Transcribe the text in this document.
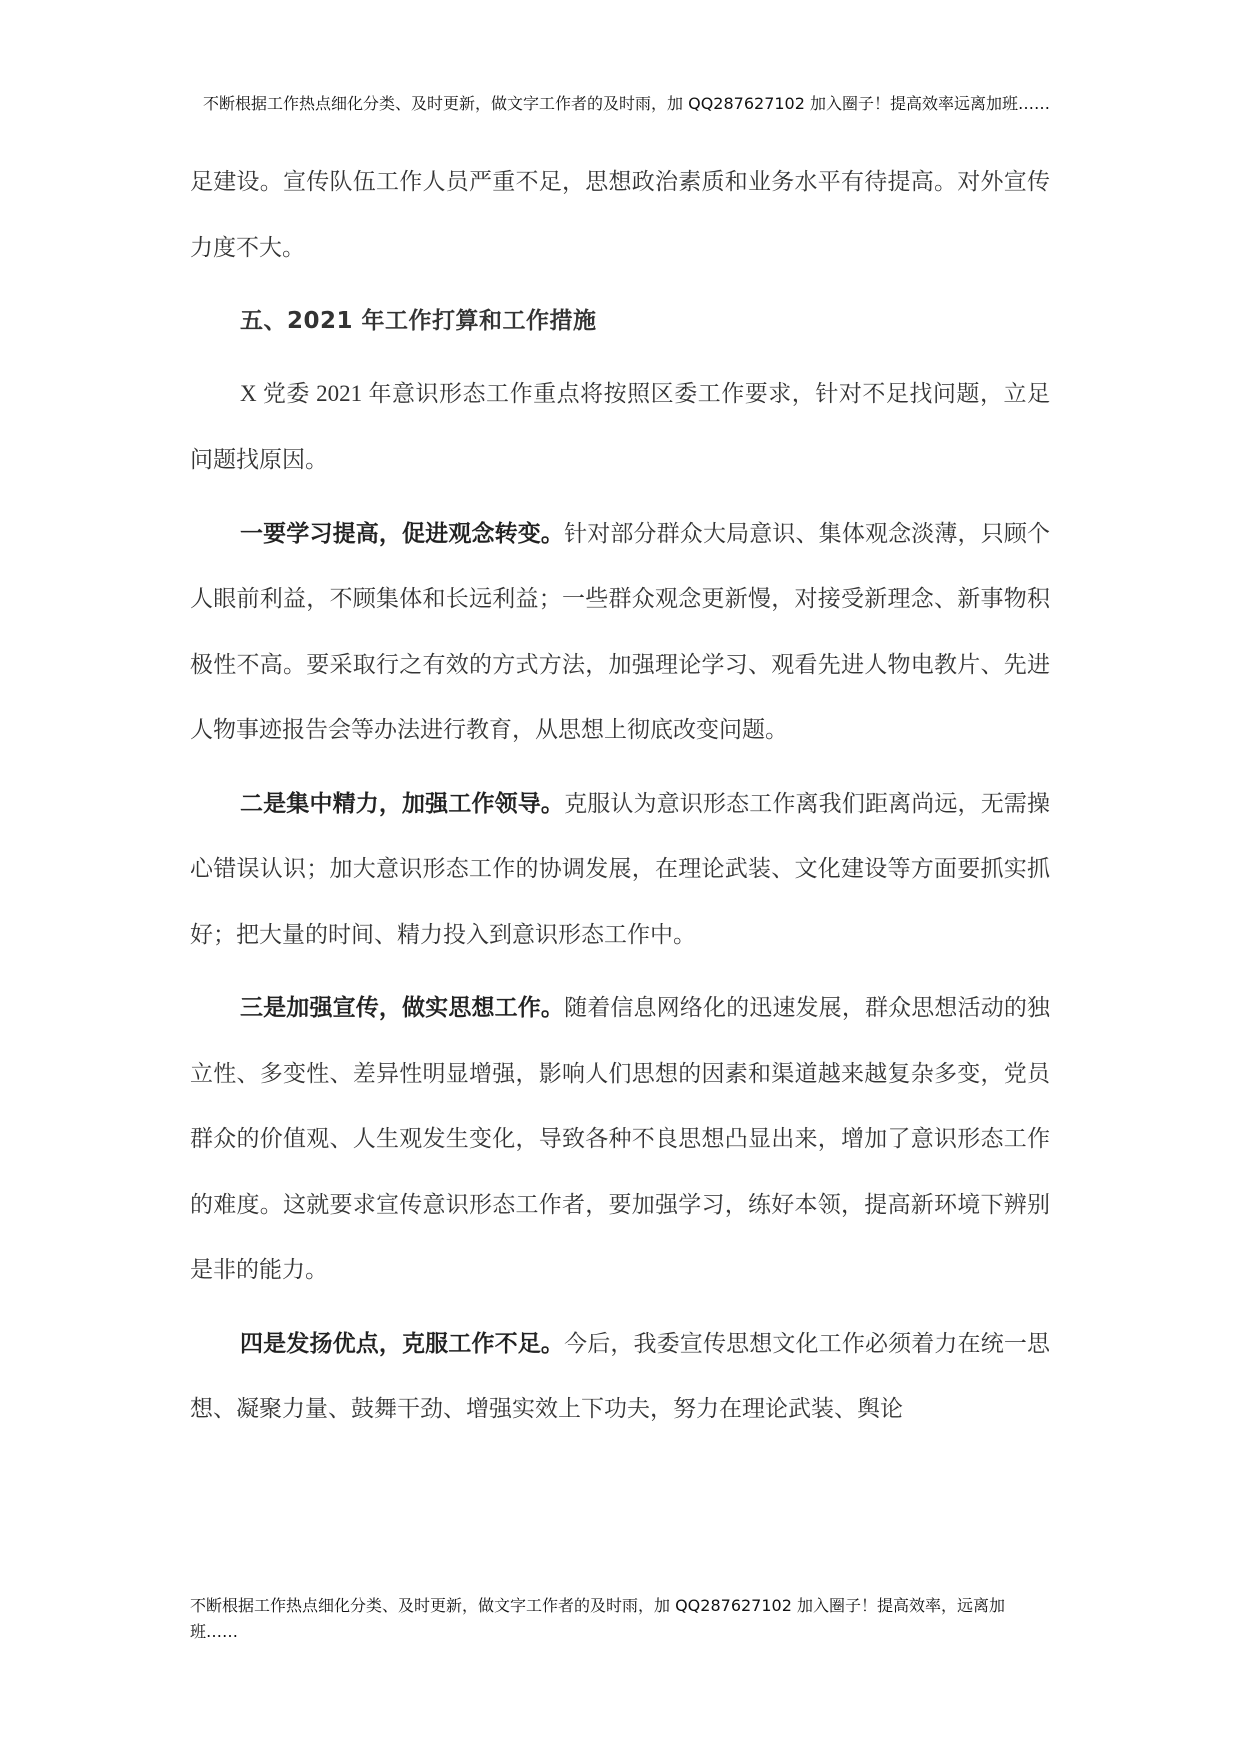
不断根据工作热点细化分类、及时更新，做文字工作者的及时雨，加 QQ287627102 加入圈子！提高效率远离加班……

足建设。宣传队伍工作人员严重不足，思想政治素质和业务水平有待提高。对外宣传力度不大。

五、2021 年工作打算和工作措施

X 党委 2021 年意识形态工作重点将按照区委工作要求，针对不足找问题，立足问题找原因。

一要学习提高，促进观念转变。针对部分群众大局意识、集体观念淡薄，只顾个人眼前利益，不顾集体和长远利益；一些群众观念更新慢，对接受新理念、新事物积极性不高。要采取行之有效的方式方法，加强理论学习、观看先进人物电教片、先进人物事迹报告会等办法进行教育，从思想上彻底改变问题。

二是集中精力，加强工作领导。克服认为意识形态工作离我们距离尚远，无需操心错误认识；加大意识形态工作的协调发展，在理论武装、文化建设等方面要抓实抓好；把大量的时间、精力投入到意识形态工作中。

三是加强宣传，做实思想工作。随着信息网络化的迅速发展，群众思想活动的独立性、多变性、差异性明显增强，影响人们思想的因素和渠道越来越复杂多变，党员群众的价值观、人生观发生变化，导致各种不良思想凸显出来，增加了意识形态工作的难度。这就要求宣传意识形态工作者，要加强学习，练好本领，提高新环境下辨别是非的能力。

四是发扬优点，克服工作不足。今后，我委宣传思想文化工作必须着力在统一思想、凝聚力量、鼓舞干劲、增强实效上下功夫，努力在理论武装、舆论

不断根据工作热点细化分类、及时更新，做文字工作者的及时雨，加 QQ287627102 加入圈子！提高效率，远离加班……
